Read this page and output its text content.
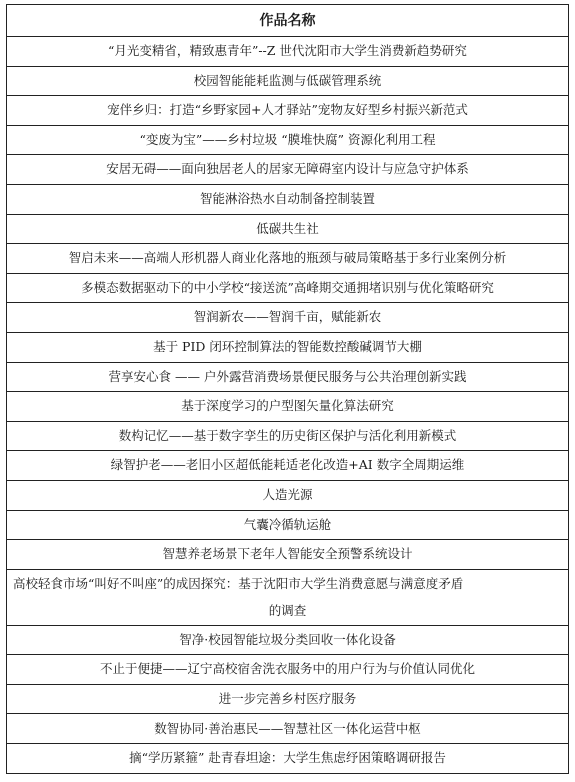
作品名称
“月光变精省，精致惠青年”--Z 世代沈阳市大学生消费新趋势研究
校园智能能耗监测与低碳管理系统
宠伴乡归：打造“乡野家园+人才驿站”宠物友好型乡村振兴新范式
“变废为宝”——乡村垃圾 “膜堆快腐” 资源化利用工程
安居无碍——面向独居老人的居家无障碍室内设计与应急守护体系
智能淋浴热水自动制备控制装置
低碳共生社
智启未来——高端人形机器人商业化落地的瓶颈与破局策略基于多行业案例分析
多模态数据驱动下的中小学校“接送流”高峰期交通拥堵识别与优化策略研究
智润新农——智润千亩，赋能新农
基于 PID 闭环控制算法的智能数控酸碱调节大棚
营享安心食 —— 户外露营消费场景便民服务与公共治理创新实践
基于深度学习的户型图矢量化算法研究
数构记忆——基于数字孪生的历史街区保护与活化利用新模式
绿智护老——老旧小区超低能耗适老化改造+AI 数字全周期运维
人造光源
气囊冷循轨运舱
智慧养老场景下老年人智能安全预警系统设计
高校轻食市场“叫好不叫座”的成因探究：基于沈阳市大学生消费意愿与满意度矛盾
的调查
智净·校园智能垃圾分类回收一体化设备
不止于便捷——辽宁高校宿舍洗衣服务中的用户行为与价值认同优化
进一步完善乡村医疗服务
数智协同·善治惠民——智慧社区一体化运营中枢
摘“学历紧箍” 赴青春坦途：大学生焦虑纾困策略调研报告
